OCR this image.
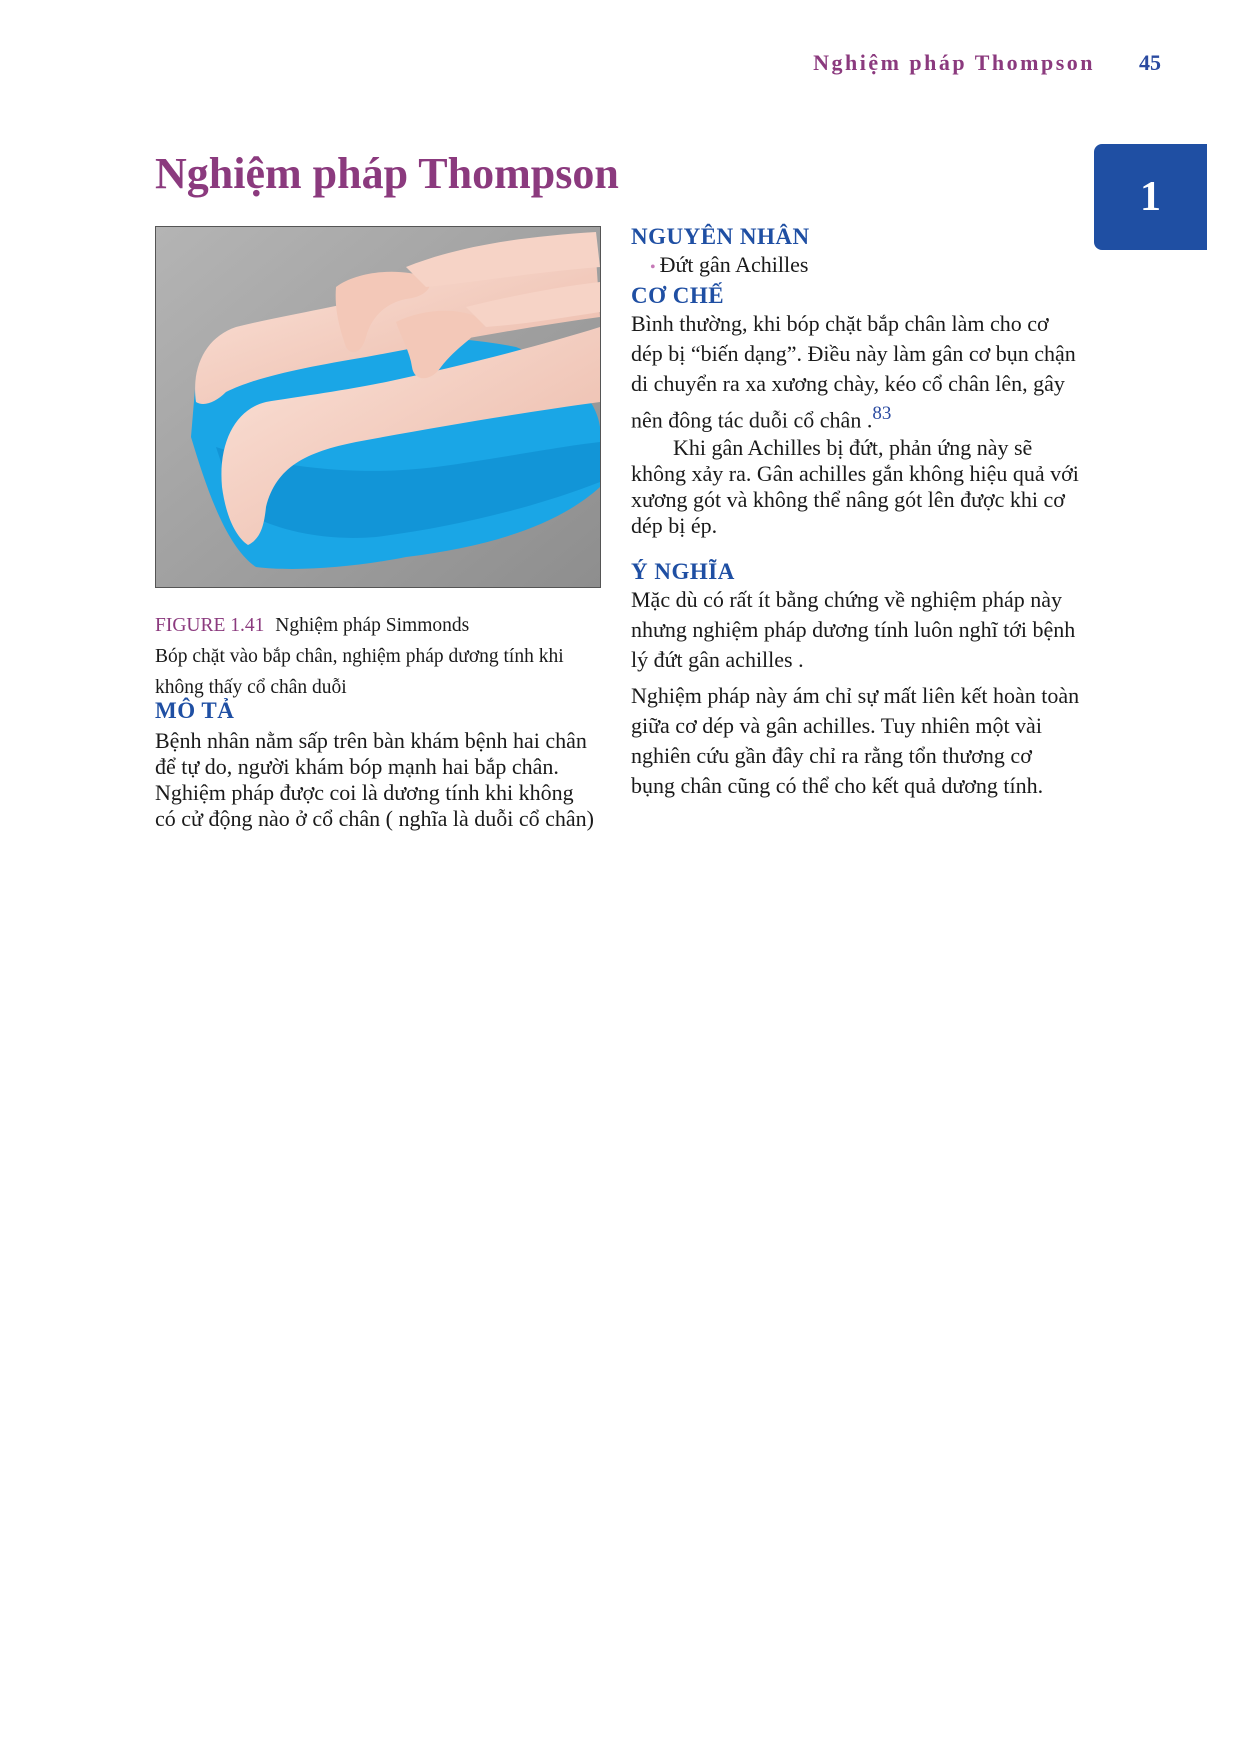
Nghiệm pháp Thompson 45
1
Nghiệm pháp Thompson
FIGURE 1.41 Nghiệm pháp Simmonds
Bóp chặt vào bắp chân, nghiệm pháp dương tính khi không thấy cổ chân duỗi
MÔ TẢ

Bệnh nhân nằm sấp trên bàn khám bệnh hai chân để tự do, người khám bóp mạnh hai bắp chân. Nghiệm pháp được coi là dương tính khi không có cử động nào ở cổ chân ( nghĩa là duỗi cổ chân)

NGUYÊN NHÂN

• Đứt gân Achilles

CƠ CHẾ

Bình thường, khi bóp chặt bắp chân làm cho cơ dép bị “biến dạng”. Điều này làm gân cơ bụn chận di chuyển ra xa xương chày, kéo cổ chân lên, gây nên đông tác duỗi cổ chân .$^{83}$

Khi gân Achilles bị đứt, phản ứng này sẽ không xảy ra. Gân achilles gắn không hiệu quả với xương gót và không thể nâng gót lên được khi cơ dép bị ép.

Ý NGHĨA

Mặc dù có rất ít bằng chứng về nghiệm pháp này nhưng nghiệm pháp dương tính luôn nghĩ tới bệnh lý đứt gân achilles .

Nghiệm pháp này ám chỉ sự mất liên kết hoàn toàn giữa cơ dép và gân achilles. Tuy nhiên một vài nghiên cứu gần đây chỉ ra rằng tổn thương cơ bụng chân cũng có thể cho kết quả dương tính.
